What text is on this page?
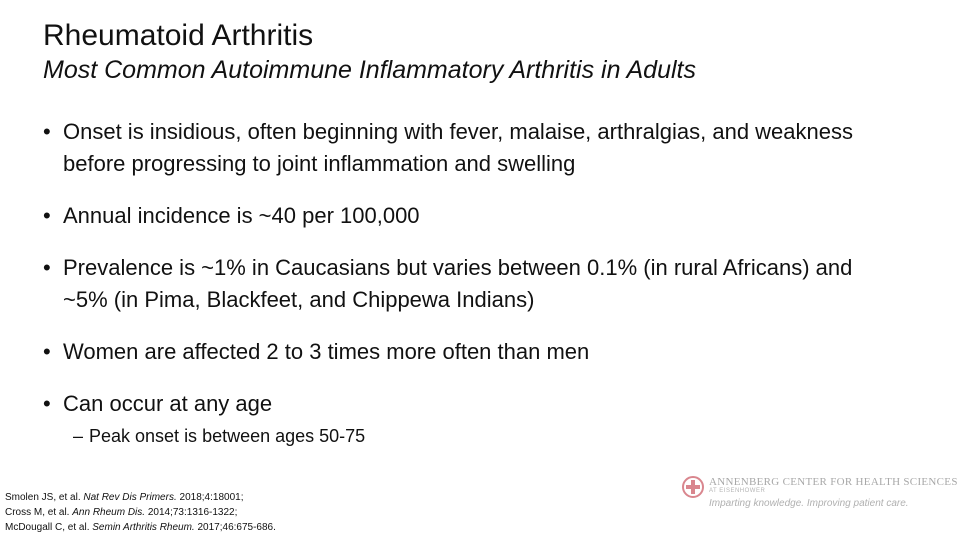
Rheumatoid Arthritis
Most Common Autoimmune Inflammatory Arthritis in Adults
• Onset is insidious, often beginning with fever, malaise, arthralgias, and weakness before progressing to joint inflammation and swelling
• Annual incidence is ~40 per 100,000
• Prevalence is ~1% in Caucasians but varies between 0.1% (in rural Africans) and ~5% (in Pima, Blackfeet, and Chippewa Indians)
• Women are affected 2 to 3 times more often than men
• Can occur at any age
– Peak onset is between ages 50-75
Smolen JS, et al. Nat Rev Dis Primers. 2018;4:18001;
Cross M, et al. Ann Rheum Dis. 2014;73:1316-1322;
McDougall C, et al. Semin Arthritis Rheum. 2017;46:675-686.
ANNENBERG CENTER FOR HEALTH SCIENCES
AT EISENHOWER
Imparting knowledge. Improving patient care.
